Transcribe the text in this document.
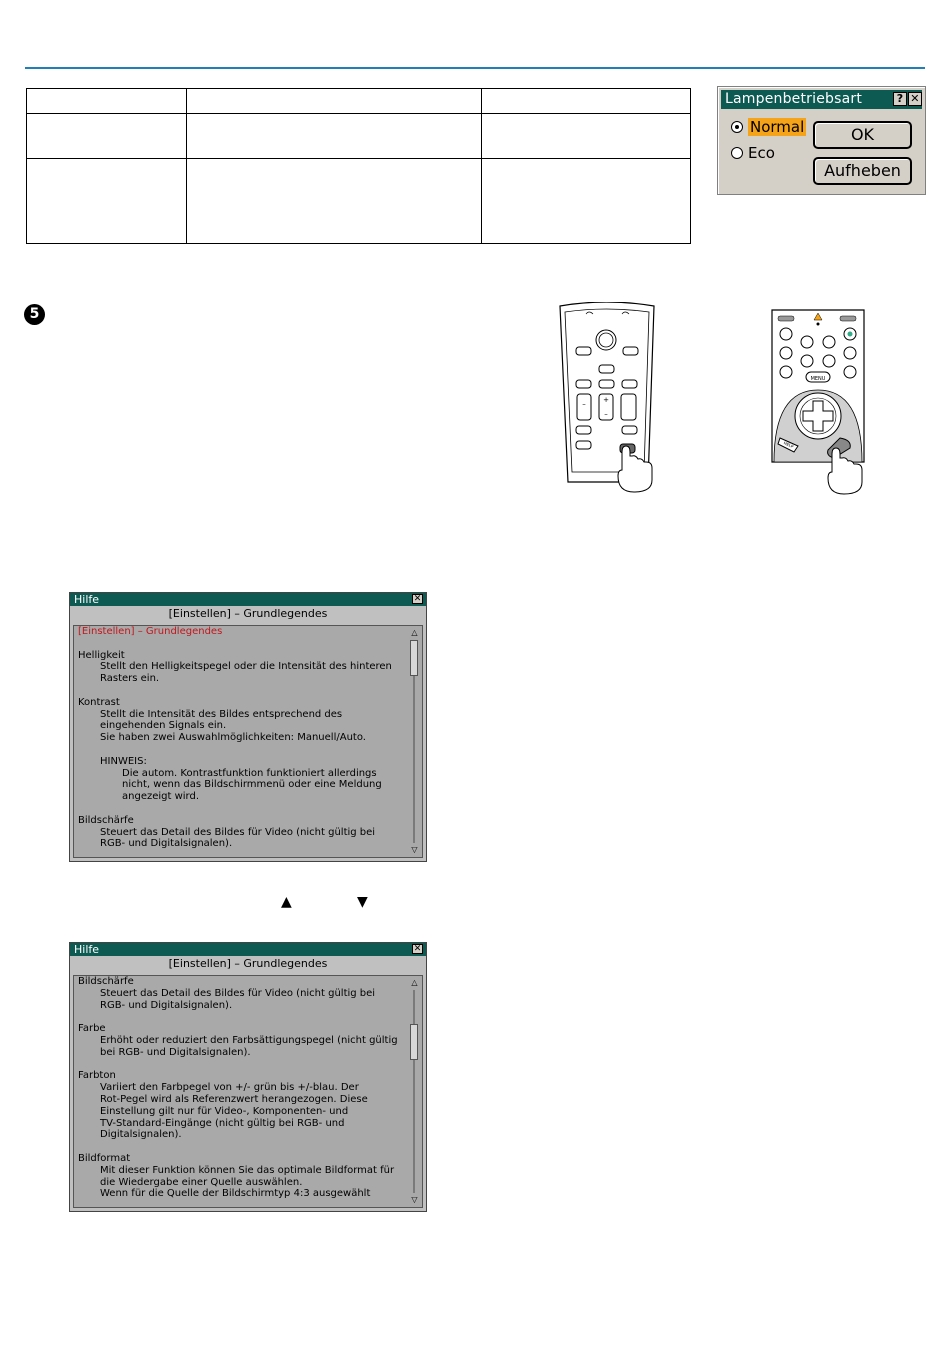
Lampenbetriebsart	? ✕
Normal
Eco
OK
Aufheben
5
– +
–
MENU
HELP
Hilfe	✕
[Einstellen] – Grundlegendes
[Einstellen] – Grundlegendes
Helligkeit
Stellt den Helligkeitspegel oder die Intensität des hinteren
Rasters ein.
Kontrast
Stellt die Intensität des Bildes entsprechend des
eingehenden Signals ein.
Sie haben zwei Auswahlmöglichkeiten: Manuell/Auto.
HINWEIS:
Die autom. Kontrastfunktion funktioniert allerdings
nicht, wenn das Bildschirmmenü oder eine Meldung
angezeigt wird.
Bildschärfe
Steuert das Detail des Bildes für Video (nicht gültig bei
RGB- und Digitalsignalen).
△
▽
▲	▼
Hilfe	✕
[Einstellen] – Grundlegendes
Bildschärfe
Steuert das Detail des Bildes für Video (nicht gültig bei
RGB- und Digitalsignalen).
Farbe
Erhöht oder reduziert den Farbsättigungspegel (nicht gültig
bei RGB- und Digitalsignalen).
Farbton
Variiert den Farbpegel von +/- grün bis +/-blau. Der
Rot-Pegel wird als Referenzwert herangezogen. Diese
Einstellung gilt nur für Video-, Komponenten- und
TV-Standard-Eingänge (nicht gültig bei RGB- und
Digitalsignalen).
Bildformat
Mit dieser Funktion können Sie das optimale Bildformat für
die Wiedergabe einer Quelle auswählen.
Wenn für die Quelle der Bildschirmtyp 4:3 ausgewählt
△
▽
